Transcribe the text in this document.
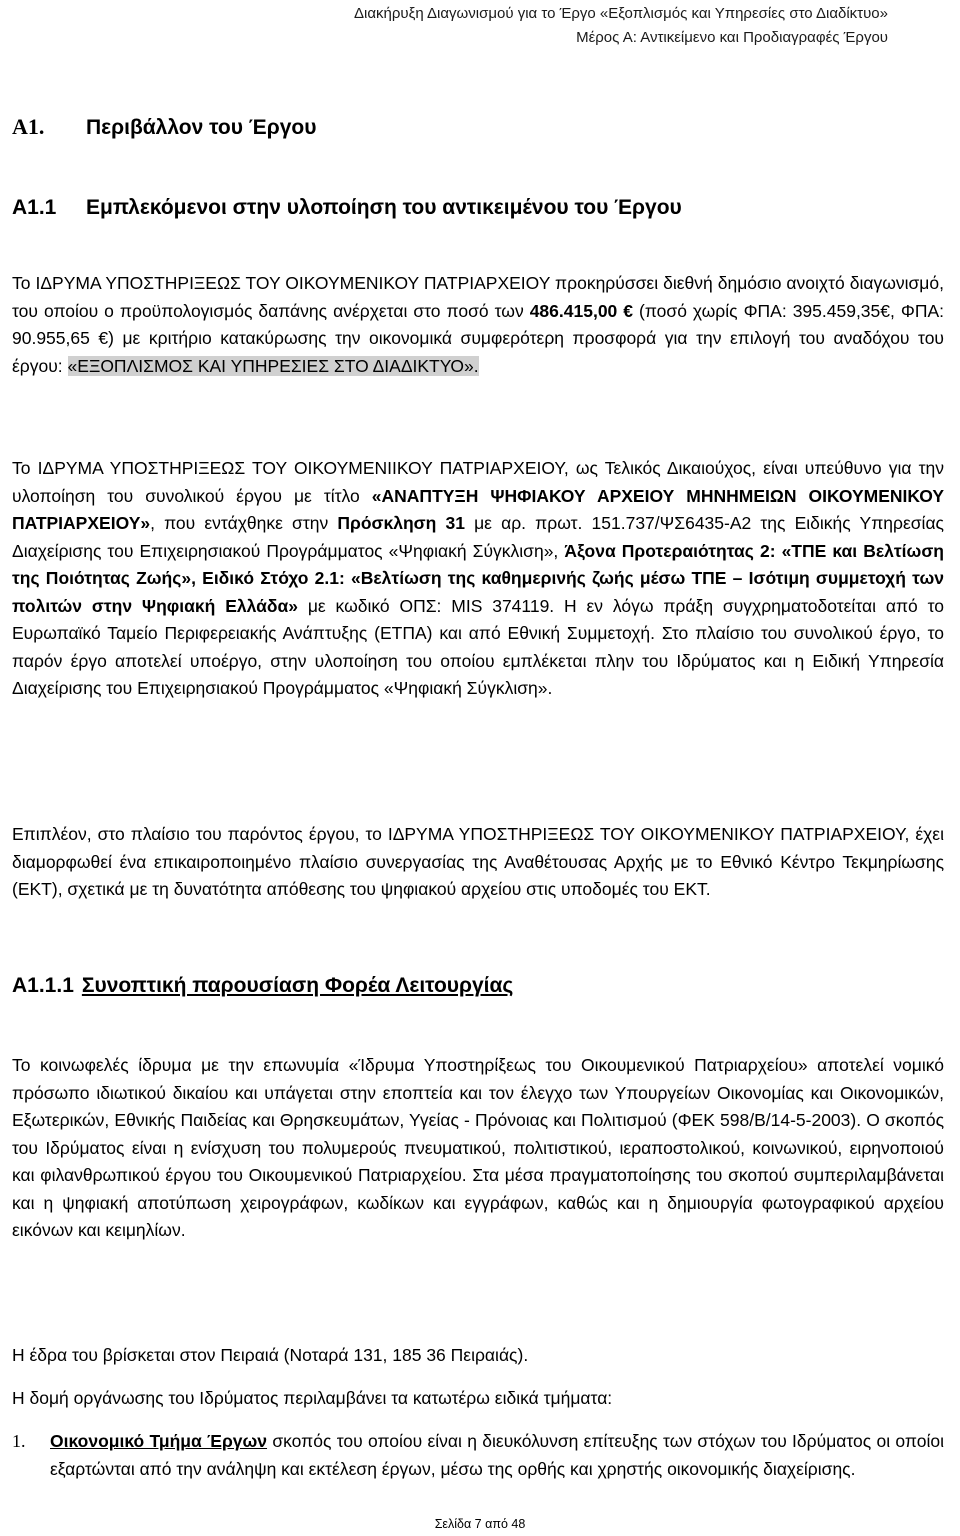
Διακήρυξη Διαγωνισμού για το Έργο «Εξοπλισμός και Υπηρεσίες στο Διαδίκτυο»
Μέρος Α: Αντικείμενο και Προδιαγραφές Έργου
A1. Περιβάλλον του Έργου
A1.1 Εμπλεκόμενοι στην υλοποίηση του αντικειμένου του Έργου
Το ΙΔΡΥΜΑ ΥΠΟΣΤΗΡΙΞΕΩΣ ΤΟΥ ΟΙΚΟΥΜΕΝΙΚΟΥ ΠΑΤΡΙΑΡΧΕΙΟΥ προκηρύσσει διεθνή δημόσιο ανοιχτό διαγωνισμό, του οποίου ο προϋπολογισμός δαπάνης ανέρχεται στο ποσό των 486.415,00 € (ποσό χωρίς ΦΠΑ: 395.459,35€, ΦΠΑ: 90.955,65 €) με κριτήριο κατακύρωσης την οικονομικά συμφερότερη προσφορά για την επιλογή του αναδόχου του έργου: «ΕΞΟΠΛΙΣΜΟΣ ΚΑΙ ΥΠΗΡΕΣΙΕΣ ΣΤΟ ΔΙΑΔΙΚΤΥΟ».
Το ΙΔΡΥΜΑ ΥΠΟΣΤΗΡΙΞΕΩΣ ΤΟΥ ΟΙΚΟΥΜΕΝΙΙΚΟΥ ΠΑΤΡΙΑΡΧΕΙΟΥ, ως Τελικός Δικαιούχος, είναι υπεύθυνο για την υλοποίηση του συνολικού έργου με τίτλο «ΑΝΑΠΤΥΞΗ ΨΗΦΙΑΚΟΥ ΑΡΧΕΙΟΥ ΜΗΝΗΜΕΙΩΝ ΟΙΚΟΥΜΕΝΙΚΟΥ ΠΑΤΡΙΑΡΧΕΙΟΥ», που εντάχθηκε στην Πρόσκληση 31 με αρ. πρωτ. 151.737/ΨΣ6435-Α2 της Ειδικής Υπηρεσίας Διαχείρισης του Επιχειρησιακού Προγράμματος «Ψηφιακή Σύγκλιση», Άξονα Προτεραιότητας 2: «ΤΠΕ και Βελτίωση της Ποιότητας Ζωής», Ειδικό Στόχο 2.1: «Βελτίωση της καθημερινής ζωής μέσω ΤΠΕ – Ισότιμη συμμετοχή των πολιτών στην Ψηφιακή Ελλάδα» με κωδικό ΟΠΣ: MIS 374119. Η εν λόγω πράξη συγχρηματοδοτείται από το Ευρωπαϊκό Ταμείο Περιφερειακής Ανάπτυξης (ΕΤΠΑ) και από Εθνική Συμμετοχή. Στο πλαίσιο του συνολικού έργο, το παρόν έργο αποτελεί υποέργο, στην υλοποίηση του οποίου εμπλέκεται πλην του Ιδρύματος και η Ειδική Υπηρεσία Διαχείρισης του Επιχειρησιακού Προγράμματος «Ψηφιακή Σύγκλιση».
Επιπλέον, στο πλαίσιο του παρόντος έργου, το ΙΔΡΥΜΑ ΥΠΟΣΤΗΡΙΞΕΩΣ ΤΟΥ ΟΙΚΟΥΜΕΝΙΚΟΥ ΠΑΤΡΙΑΡΧΕΙΟΥ, έχει διαμορφωθεί ένα επικαιροποιημένο πλαίσιο συνεργασίας της Αναθέτουσας Αρχής με το Εθνικό Κέντρο Τεκμηρίωσης (ΕΚΤ), σχετικά με τη δυνατότητα απόθεσης του ψηφιακού αρχείου στις υποδομές του ΕΚΤ.
A1.1.1 Συνοπτική παρουσίαση Φορέα Λειτουργίας
Το κοινωφελές ίδρυμα με την επωνυμία «Ίδρυμα Υποστηρίξεως του Οικουμενικού Πατριαρχείου» αποτελεί νομικό πρόσωπο ιδιωτικού δικαίου και υπάγεται στην εποπτεία και τον έλεγχο των Υπουργείων Οικονομίας και Οικονομικών, Εξωτερικών, Εθνικής Παιδείας και Θρησκευμάτων, Υγείας - Πρόνοιας και Πολιτισμού (ΦΕΚ 598/Β/14-5-2003). Ο σκοπός του Ιδρύματος είναι η ενίσχυση του πολυμερούς πνευματικού, πολιτιστικού, ιεραποστολικού, κοινωνικού, ειρηνοποιού και φιλανθρωπικού έργου του Οικουμενικού Πατριαρχείου. Στα μέσα πραγματοποίησης του σκοπού συμπεριλαμβάνεται και η ψηφιακή αποτύπωση χειρογράφων, κωδίκων και εγγράφων, καθώς και η δημιουργία φωτογραφικού αρχείου εικόνων και κειμηλίων.
Η έδρα του βρίσκεται στον Πειραιά (Νοταρά 131, 185 36 Πειραιάς).
Η δομή οργάνωσης του Ιδρύματος περιλαμβάνει τα κατωτέρω ειδικά τμήματα:
1. Οικονομικό Τμήμα Έργων σκοπός του οποίου είναι η διευκόλυνση επίτευξης των στόχων του Ιδρύματος οι οποίοι εξαρτώνται από την ανάληψη και εκτέλεση έργων, μέσω της ορθής και χρηστής οικονομικής διαχείρισης.
Σελίδα 7 από 48
